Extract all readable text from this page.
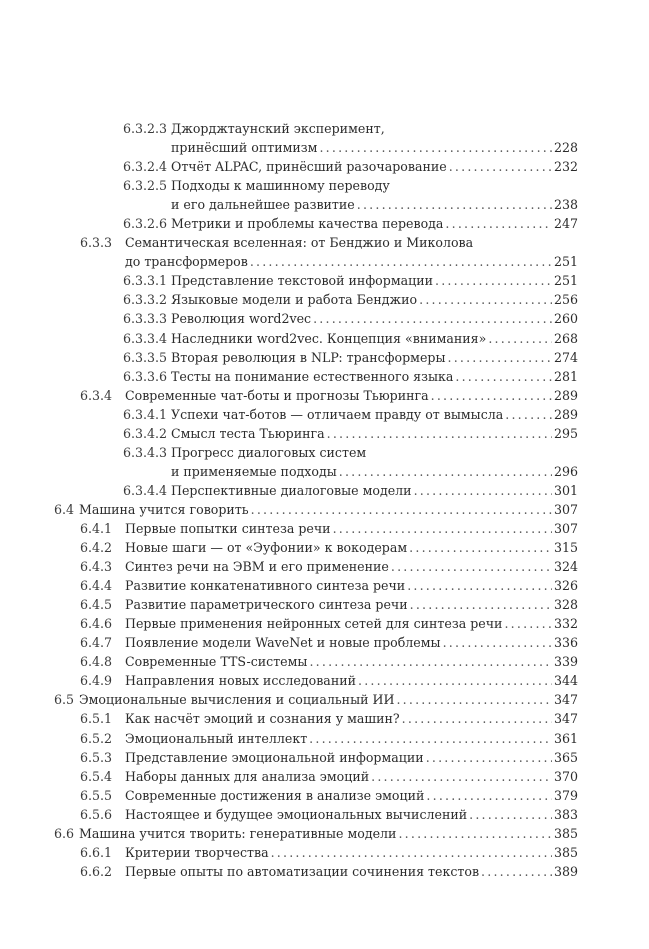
6.3.2.3 Джорджтаунский эксперимент,
принёсший оптимизм .....	228
6.3.2.4 Отчёт ALPAC, принёсший разочарование .....	232
6.3.2.5 Подходы к машинному переводу
и его дальнейшее развитие .....	238
6.3.2.6 Метрики и проблемы качества перевода .....	247
6.3.3 Семантическая вселенная: от Бенджио и Миколова
до трансформеров .....	251
6.3.3.1 Представление текстовой информации .....	251
6.3.3.2 Языковые модели и работа Бенджио .....	256
6.3.3.3 Революция word2vec .....	260
6.3.3.4 Наследники word2vec. Концепция «внимания» .....	268
6.3.3.5 Вторая революция в NLP: трансформеры .....	274
6.3.3.6 Тесты на понимание естественного языка .....	281
6.3.4 Современные чат-боты и прогнозы Тьюринга .....	289
6.3.4.1 Успехи чат-ботов — отличаем правду от вымысла .....	289
6.3.4.2 Смысл теста Тьюринга .....	295
6.3.4.3 Прогресс диалоговых систем
и применяемые подходы .....	296
6.3.4.4 Перспективные диалоговые модели .....	301
6.4 Машина учится говорить .....	307
6.4.1 Первые попытки синтеза речи .....	307
6.4.2 Новые шаги — от «Эуфонии» к вокодерам .....	315
6.4.3 Синтез речи на ЭВМ и его применение .....	324
6.4.4 Развитие конкатенативного синтеза речи .....	326
6.4.5 Развитие параметрического синтеза речи .....	328
6.4.6 Первые применения нейронных сетей для синтеза речи .....	332
6.4.7 Появление модели WaveNet и новые проблемы .....	336
6.4.8 Современные TTS-системы .....	339
6.4.9 Направления новых исследований .....	344
6.5 Эмоциональные вычисления и социальный ИИ .....	347
6.5.1 Как насчёт эмоций и сознания у машин? .....	347
6.5.2 Эмоциональный интеллект .....	361
6.5.3 Представление эмоциональной информации .....	365
6.5.4 Наборы данных для анализа эмоций .....	370
6.5.5 Современные достижения в анализе эмоций .....	379
6.5.6 Настоящее и будущее эмоциональных вычислений .....	383
6.6 Машина учится творить: генеративные модели .....	385
6.6.1 Критерии творчества .....	385
6.6.2 Первые опыты по автоматизации сочинения текстов .....	389
